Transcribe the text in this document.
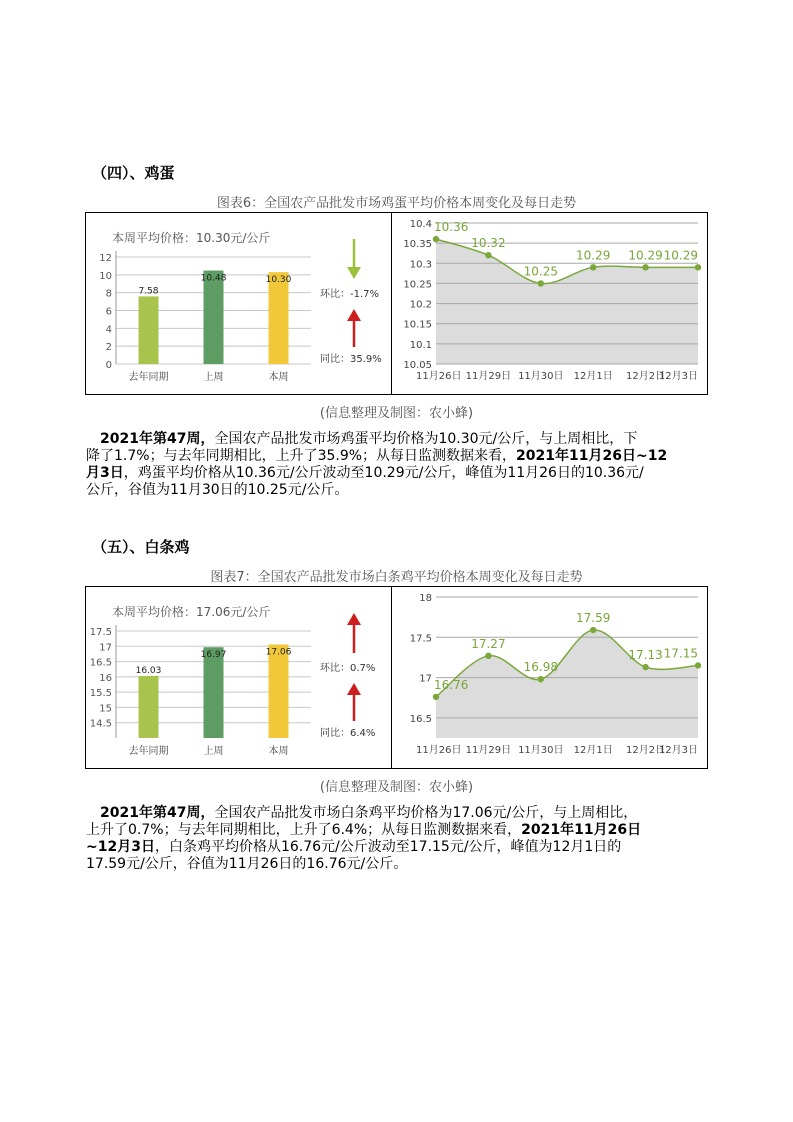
（四）、鸡蛋
图表6：全国农产品批发市场鸡蛋平均价格本周变化及每日走势
本周平均价格：10.30元/公斤
0
2
4
6
8
10
12
7.58
10.48	10.30
去年同期	上周	本周
环比：-1.7%
同比：35.9%
10.05
10.1
10.15
10.2
10.25
10.3
10.35
10.4
11月26日 11月29日 11月30日 12月1日 12月2日
12月3日
10.36
10.32
10.25
10.29 10.29 10.29
(信息整理及制图：农小蜂)
2021年第47周，全国农产品批发市场鸡蛋平均价格为10.30元/公斤，与上周相比，下
降了1.7%；与去年同期相比，上升了35.9%；从每日监测数据来看，2021年11月26日~12
月3日，鸡蛋平均价格从10.36元/公斤波动至10.29元/公斤，峰值为11月26日的10.36元/
公斤，谷值为11月30日的10.25元/公斤。
（五）、白条鸡
图表7：全国农产品批发市场白条鸡平均价格本周变化及每日走势
本周平均价格：17.06元/公斤
14.5
15
15.5
16
16.5
17
17.5
16.03
16.97	17.06
去年同期	上周	本周
环比：0.7%
同比：6.4%
16.5
17
17.5
18
11月26日 11月29日 11月30日 12月1日 12月2日
12月3日
16.76
17.27
16.98
17.59
17.13 17.15
(信息整理及制图：农小蜂)
2021年第47周，全国农产品批发市场白条鸡平均价格为17.06元/公斤，与上周相比，
上升了0.7%；与去年同期相比，上升了6.4%；从每日监测数据来看，2021年11月26日
~12月3日，白条鸡平均价格从16.76元/公斤波动至17.15元/公斤，峰值为12月1日的
17.59元/公斤，谷值为11月26日的16.76元/公斤。
